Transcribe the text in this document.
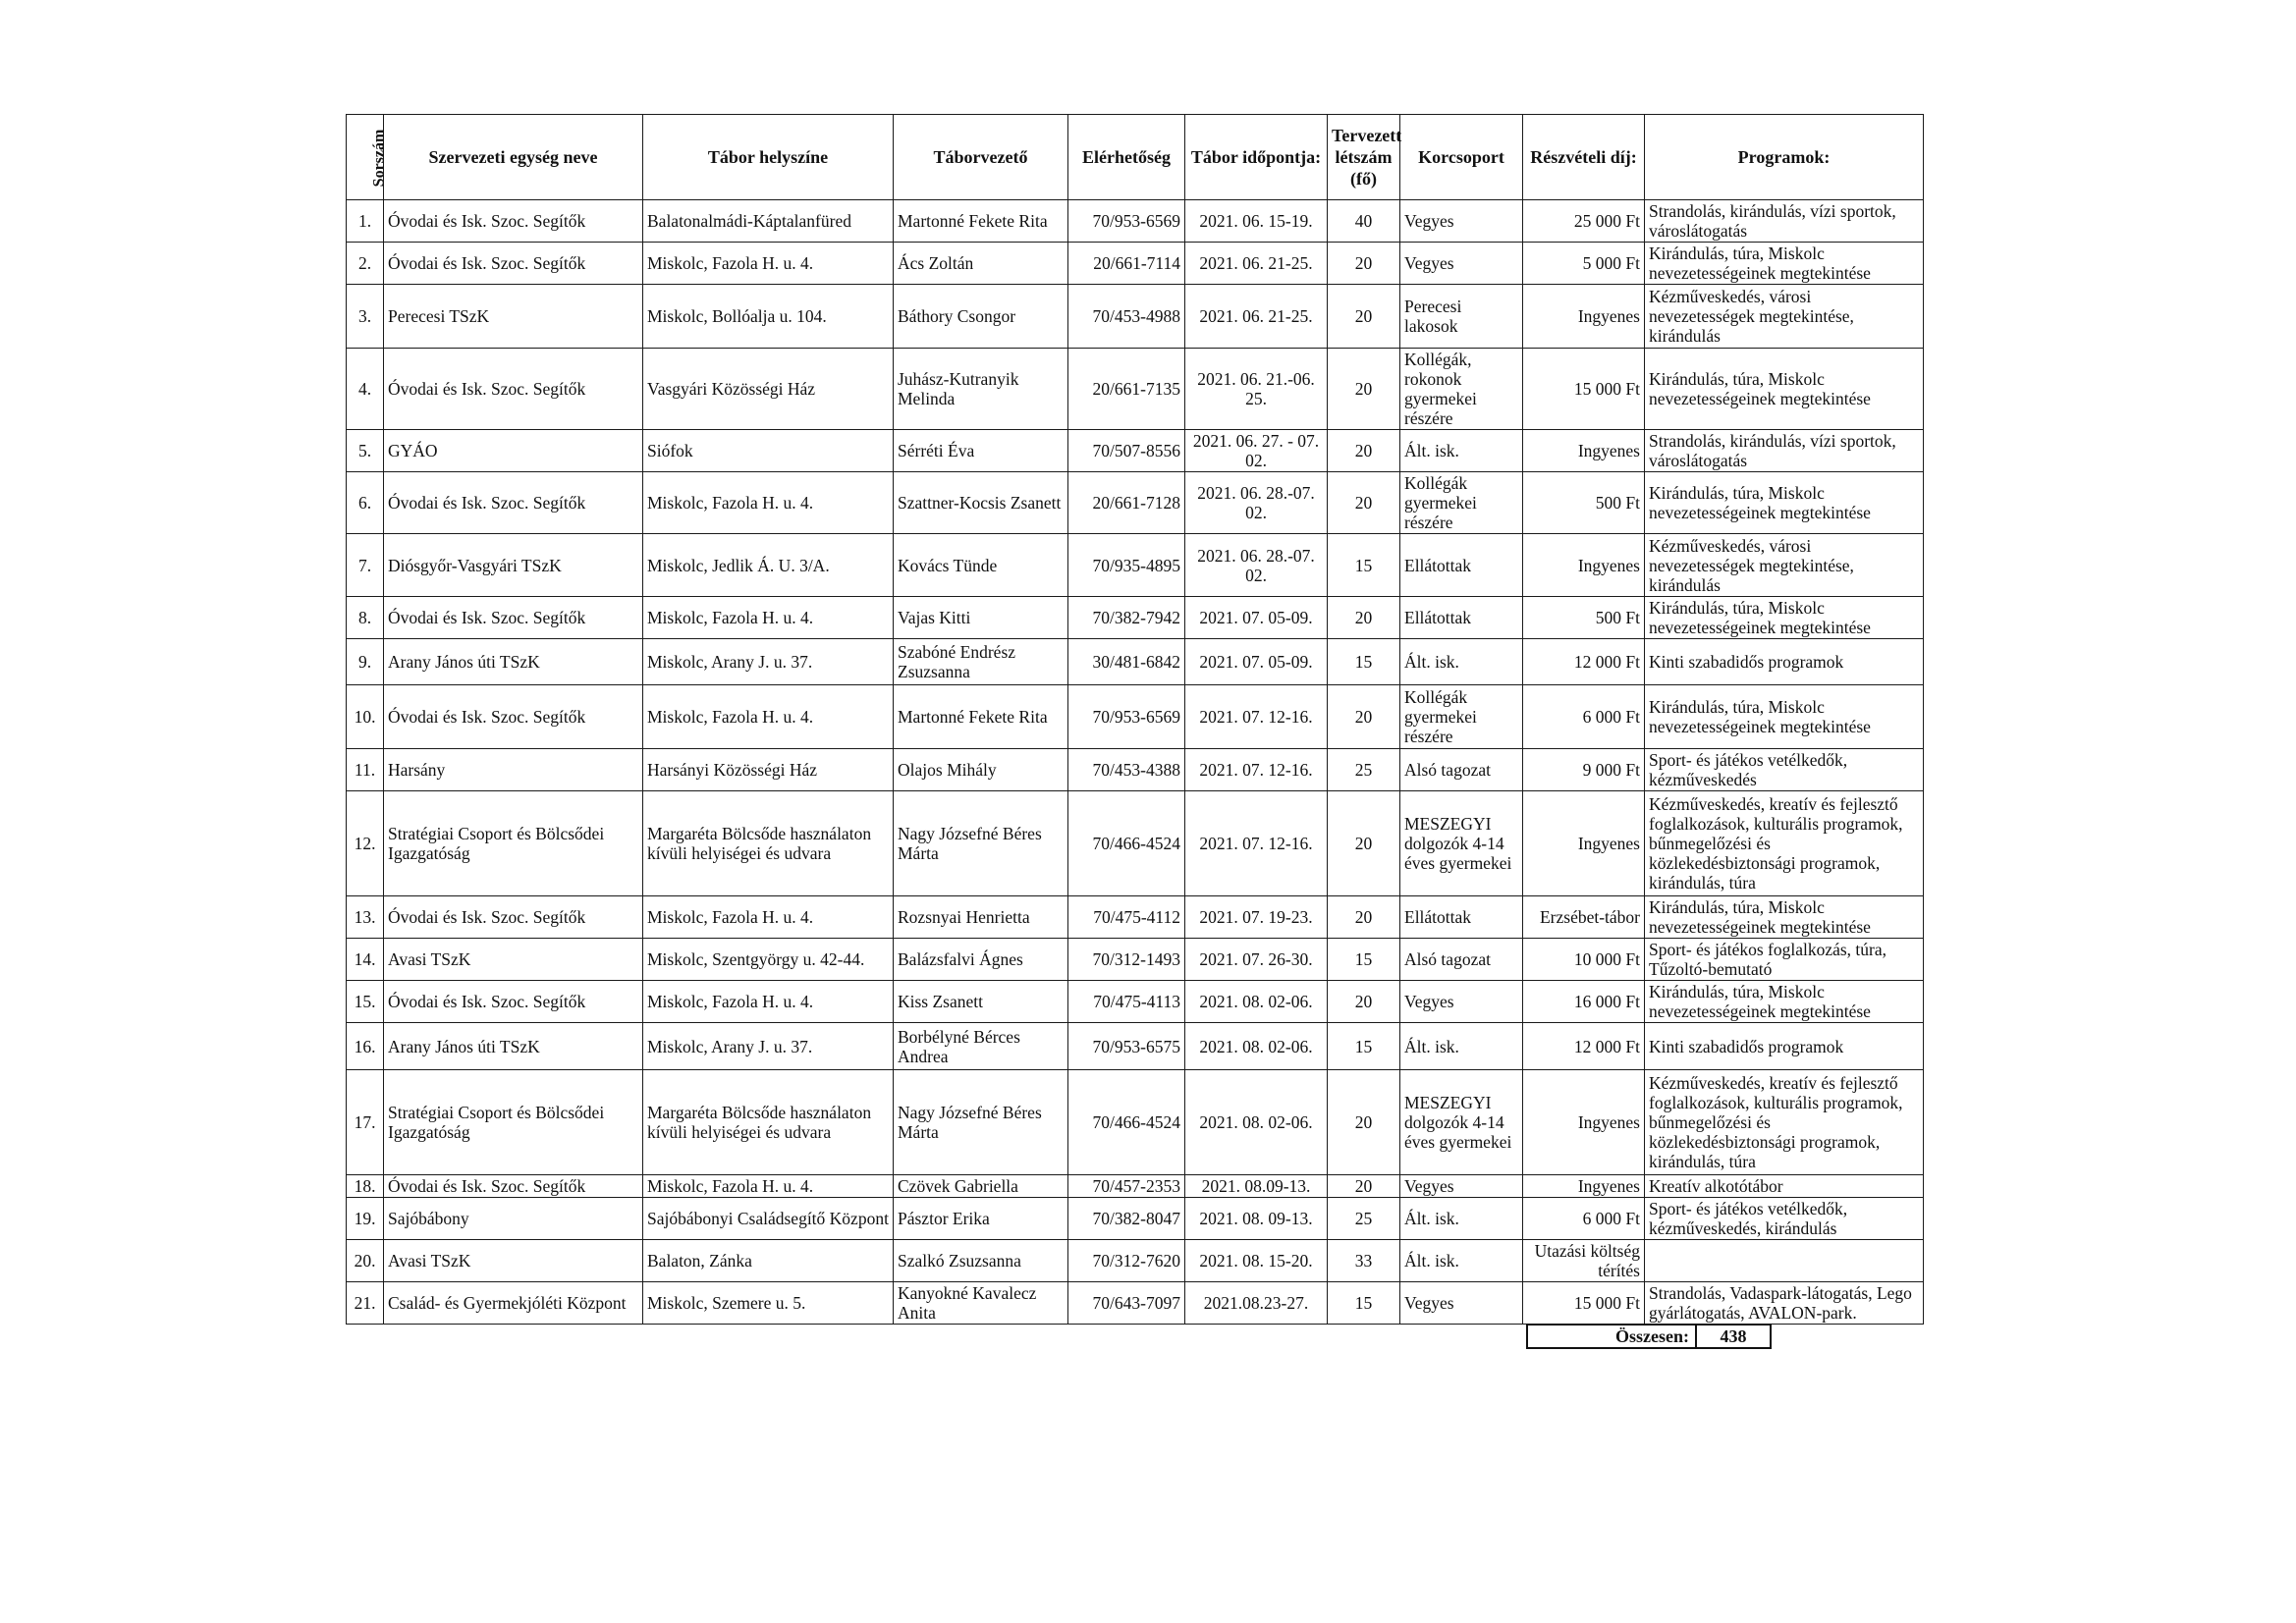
Sorszám	Szervezeti egység neve	Tábor helyszíne	Táborvezető	Elérhetőség	Tábor időpontja:	Tervezett létszám (fő)	Korcsoport	Részvételi díj:	Programok:
1.	Óvodai és Isk. Szoc. Segítők	Balatonalmádi-Káptalanfüred	Martonné Fekete Rita	70/953-6569	2021. 06. 15-19.	40	Vegyes	25 000 Ft	Strandolás, kirándulás, vízi sportok, városlátogatás
2.	Óvodai és Isk. Szoc. Segítők	Miskolc, Fazola H. u. 4.	Ács Zoltán	20/661-7114	2021. 06. 21-25.	20	Vegyes	5 000 Ft	Kirándulás, túra, Miskolc nevezetességeinek megtekintése
3.	Perecesi TSzK	Miskolc, Bollóalja u. 104.	Báthory Csongor	70/453-4988	2021. 06. 21-25.	20	Perecesi lakosok	Ingyenes	Kézműveskedés, városi nevezetességek megtekintése, kirándulás
4.	Óvodai és Isk. Szoc. Segítők	Vasgyári Közösségi Ház	Juhász-Kutranyik Melinda	20/661-7135	2021. 06. 21.-06. 25.	20	Kollégák, rokonok gyermekei részére	15 000 Ft	Kirándulás, túra, Miskolc nevezetességeinek megtekintése
5.	GYÁO	Siófok	Sérréti Éva	70/507-8556	2021. 06. 27. - 07. 02.	20	Ált. isk.	Ingyenes	Strandolás, kirándulás, vízi sportok, városlátogatás
6.	Óvodai és Isk. Szoc. Segítők	Miskolc, Fazola H. u. 4.	Szattner-Kocsis Zsanett	20/661-7128	2021. 06. 28.-07. 02.	20	Kollégák gyermekei részére	500 Ft	Kirándulás, túra, Miskolc nevezetességeinek megtekintése
7.	Diósgyőr-Vasgyári TSzK	Miskolc, Jedlik Á. U. 3/A.	Kovács Tünde	70/935-4895	2021. 06. 28.-07. 02.	15	Ellátottak	Ingyenes	Kézműveskedés, városi nevezetességek megtekintése, kirándulás
8.	Óvodai és Isk. Szoc. Segítők	Miskolc, Fazola H. u. 4.	Vajas Kitti	70/382-7942	2021. 07. 05-09.	20	Ellátottak	500 Ft	Kirándulás, túra, Miskolc nevezetességeinek megtekintése
9.	Arany János úti TSzK	Miskolc, Arany J. u. 37.	Szabóné Endrész Zsuzsanna	30/481-6842	2021. 07. 05-09.	15	Ált. isk.	12 000 Ft	Kinti szabadidős programok
10.	Óvodai és Isk. Szoc. Segítők	Miskolc, Fazola H. u. 4.	Martonné Fekete Rita	70/953-6569	2021. 07. 12-16.	20	Kollégák gyermekei részére	6 000 Ft	Kirándulás, túra, Miskolc nevezetességeinek megtekintése
11.	Harsány	Harsányi Közösségi Ház	Olajos Mihály	70/453-4388	2021. 07. 12-16.	25	Alsó tagozat	9 000 Ft	Sport- és játékos vetélkedők, kézműveskedés
12.	Stratégiai Csoport és Bölcsődei Igazgatóság	Margaréta Bölcsőde használaton kívüli helyiségei és udvara	Nagy Józsefné Béres Márta	70/466-4524	2021. 07. 12-16.	20	MESZEGYI dolgozók 4-14 éves gyermekei	Ingyenes	Kézműveskedés, kreatív és fejlesztő foglalkozások, kulturális programok, bűnmegelőzési és közlekedésbiztonsági programok, kirándulás, túra
13.	Óvodai és Isk. Szoc. Segítők	Miskolc, Fazola H. u. 4.	Rozsnyai Henrietta	70/475-4112	2021. 07. 19-23.	20	Ellátottak	Erzsébet-tábor	Kirándulás, túra, Miskolc nevezetességeinek megtekintése
14.	Avasi TSzK	Miskolc, Szentgyörgy u. 42-44.	Balázsfalvi Ágnes	70/312-1493	2021. 07. 26-30.	15	Alsó tagozat	10 000 Ft	Sport- és játékos foglalkozás, túra, Tűzoltó-bemutató
15.	Óvodai és Isk. Szoc. Segítők	Miskolc, Fazola H. u. 4.	Kiss Zsanett	70/475-4113	2021. 08. 02-06.	20	Vegyes	16 000 Ft	Kirándulás, túra, Miskolc nevezetességeinek megtekintése
16.	Arany János úti TSzK	Miskolc, Arany J. u. 37.	Borbélyné Bérces Andrea	70/953-6575	2021. 08. 02-06.	15	Ált. isk.	12 000 Ft	Kinti szabadidős programok
17.	Stratégiai Csoport és Bölcsődei Igazgatóság	Margaréta Bölcsőde használaton kívüli helyiségei és udvara	Nagy Józsefné Béres Márta	70/466-4524	2021. 08. 02-06.	20	MESZEGYI dolgozók 4-14 éves gyermekei	Ingyenes	Kézműveskedés, kreatív és fejlesztő foglalkozások, kulturális programok, bűnmegelőzési és közlekedésbiztonsági programok, kirándulás, túra
18.	Óvodai és Isk. Szoc. Segítők	Miskolc, Fazola H. u. 4.	Czövek Gabriella	70/457-2353	2021. 08.09-13.	20	Vegyes	Ingyenes	Kreatív alkotótábor
19.	Sajóbábony	Sajóbábonyi Családsegítő Központ	Pásztor Erika	70/382-8047	2021. 08. 09-13.	25	Ált. isk.	6 000 Ft	Sport- és játékos vetélkedők, kézműveskedés, kirándulás
20.	Avasi TSzK	Balaton, Zánka	Szalkó Zsuzsanna	70/312-7620	2021. 08. 15-20.	33	Ált. isk.	Utazási költség térítés	
21.	Család- és Gyermekjóléti Központ	Miskolc, Szemere u. 5.	Kanyokné Kavalecz Anita	70/643-7097	2021.08.23-27.	15	Vegyes	15 000 Ft	Strandolás, Vadaspark-látogatás, Lego gyárlátogatás, AVALON-park.
Összesen:	438
